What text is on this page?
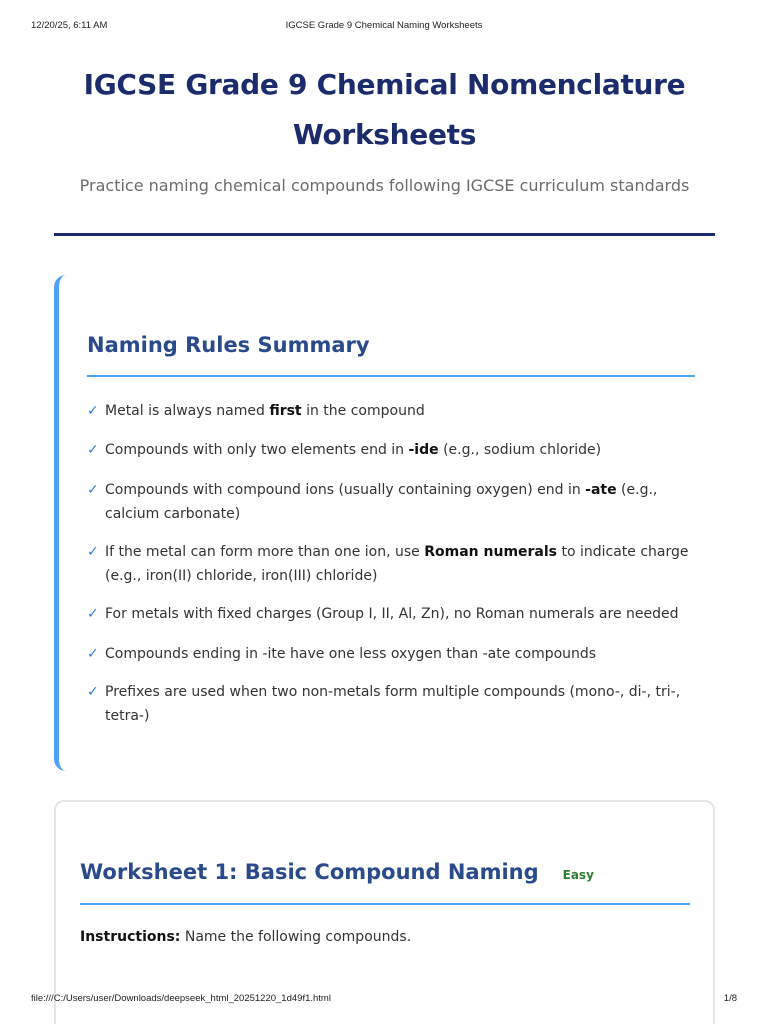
12/20/25, 6:11 AM	IGCSE Grade 9 Chemical Naming Worksheets
IGCSE Grade 9 Chemical Nomenclature
Worksheets

Practice naming chemical compounds following IGCSE curriculum standards

Naming Rules Summary
✓ Metal is always named first in the compound
✓ Compounds with only two elements end in -ide (e.g., sodium chloride)
✓ Compounds with compound ions (usually containing oxygen) end in -ate (e.g., calcium carbonate)
✓ If the metal can form more than one ion, use Roman numerals to indicate charge (e.g., iron(II) chloride, iron(III) chloride)
✓ For metals with fixed charges (Group I, II, Al, Zn), no Roman numerals are needed
✓ Compounds ending in -ite have one less oxygen than -ate compounds
✓ Prefixes are used when two non-metals form multiple compounds (mono-, di-, tri-, tetra-)
Worksheet 1: Basic Compound Naming Easy

Instructions: Name the following compounds.

file:///C:/Users/user/Downloads/deepseek_html_20251220_1d49f1.html	1/8
